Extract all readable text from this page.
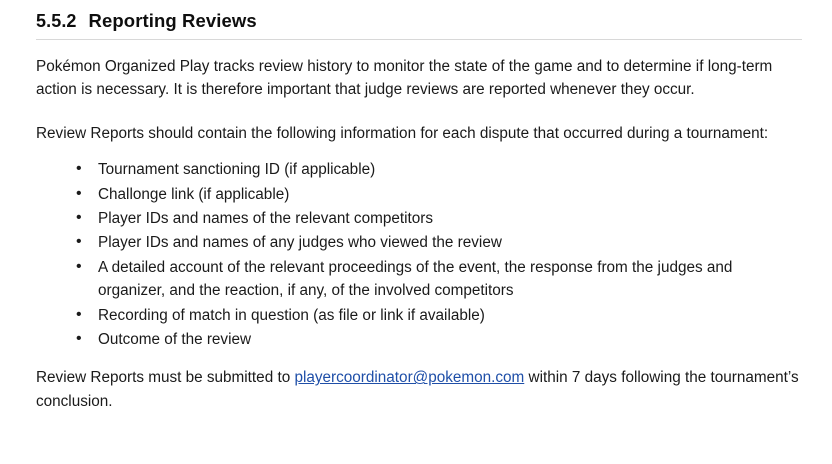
5.5.2 Reporting Reviews

Pokémon Organized Play tracks review history to monitor the state of the game and to determine if long-term action is necessary. It is therefore important that judge reviews are reported whenever they occur.

Review Reports should contain the following information for each dispute that occurred during a tournament:

• Tournament sanctioning ID (if applicable)
• Challonge link (if applicable)
• Player IDs and names of the relevant competitors
• Player IDs and names of any judges who viewed the review
• A detailed account of the relevant proceedings of the event, the response from the judges and organizer, and the reaction, if any, of the involved competitors
• Recording of match in question (as file or link if available)
• Outcome of the review

Review Reports must be submitted to playercoordinator@pokemon.com within 7 days following the tournament’s conclusion.
